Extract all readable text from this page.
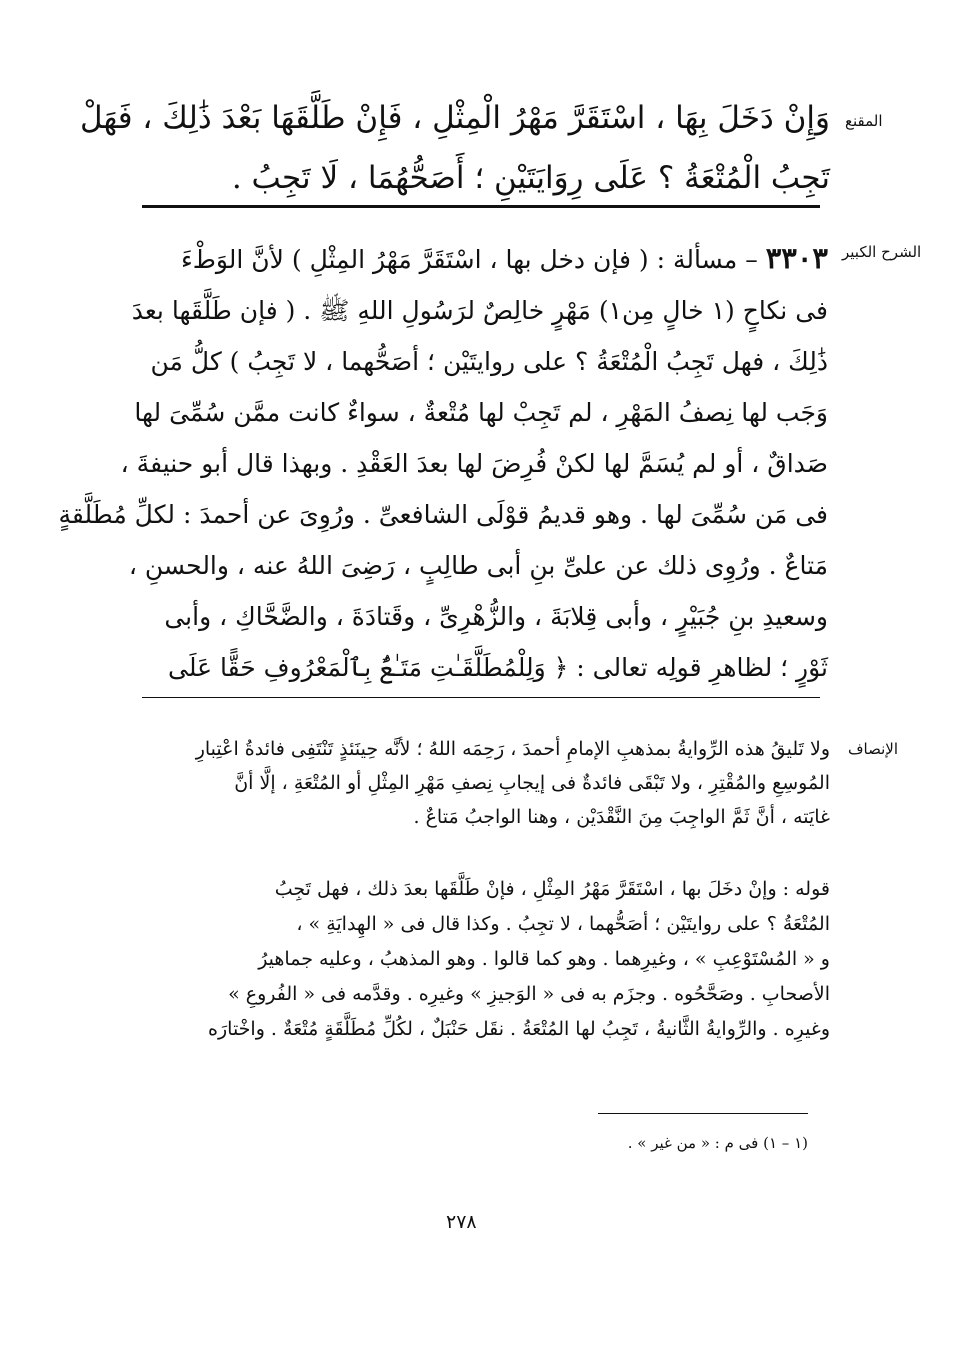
المقنع
وَإِنْ دَخَلَ بِهَا ، اسْتَقَرَّ مَهْرُ الْمِثْلِ ، فَإِنْ طَلَّقَهَا بَعْدَ ذَٰلِكَ ، فَهَلْ
تَجِبُ الْمُتْعَةُ ؟ عَلَى رِوَايَتَيْنِ ؛ أَصَحُّهُمَا ، لَا تَجِبُ .
الشرح الكبير
٣٣٠٣ – مسألة : ( فإن دخل بها ، اسْتَقَرَّ مَهْرُ المِثْلِ ) لأنَّ الوَطْءَ
فى نكاحٍ (١ خالٍ مِن١) مَهْرٍ خالِصٌ لرَسُولِ اللهِ ﷺ . ( فإن طَلَّقَها بعدَ
ذَٰلِكَ ، فهل تَجِبُ الْمُتْعَةُ ؟ على روايتَيْن ؛ أصَحُّهما ، لا تَجِبُ ) كلُّ مَن
وَجَب لها نِصفُ المَهْرِ ، لم تَجِبْ لها مُتْعةٌ ، سواءٌ كانت ممَّن سُمِّىَ لها
صَداقٌ ، أو لم يُسَمَّ لها لكنْ فُرِضَ لها بعدَ العَقْدِ . وبهذا قال أبو حنيفةَ ،
فى مَن سُمِّىَ لها . وهو قديمُ قوْلَى الشافعىِّ . ورُوِىَ عن أحمدَ : لكلِّ مُطَلَّقةٍ
مَتاعٌ . ورُوِى ذلك عن علىِّ بنِ أبى طالِبٍ ، رَضِىَ اللهُ عنه ، والحسنِ ،
وسعيدِ بنِ جُبَيْرٍ ، وأبى قِلابَةَ ، والزُّهْرِىِّ ، وقَتادَةَ ، والضَّحَّاكِ ، وأبى
ثَوْرٍ ؛ لظاهرِ قولِه تعالى : ﴿ وَلِلْمُطَلَّقَـٰتِ مَتَـٰعٌۢ بِٱلْمَعْرُوفِ حَقًّا عَلَى
الإنصاف
ولا تَليقُ هذه الرِّوايةُ بمذهبِ الإمامِ أحمدَ ، رَحِمَه اللهُ ؛ لأنَّه حِينَئذٍ تَنْتَفِى فائدةُ اعْتِبارِ
المُوسِعِ والمُقْتِرِ ، ولا تَبْقَى فائدةٌ فى إيجابِ نِصفِ مَهْرِ المِثْلِ أو المُتْعَةِ ، إلَّا أنَّ
غايَته ، أنَّ ثَمَّ الواجِبَ مِنَ النَّقْدَيْن ، وهنا الواجبُ مَتاعٌ .
قوله : وإنْ دخَلَ بها ، اسْتَقَرَّ مَهْرُ المِثْلِ ، فإنْ طَلَّقَها بعدَ ذلك ، فهل تَجِبُ
المُتْعَةُ ؟ على روايتَيْن ؛ أصَحُّهما ، لا تجِبُ . وكذا قال فى « الهِدايَةِ » ،
و « المُسْتَوْعِبِ » ، وغيرِهما . وهو كما قالوا . وهو المذهبُ ، وعليه جماهيرُ
الأصحابِ . وصَحَّحُوه . وجزَم به فى « الوَجيزِ » وغيرِه . وقدَّمه فى « الفُروعِ »
وغيرِه . والرِّوايةُ الثَّانيةُ ، تَجِبُ لها المُتْعَةُ . نقَل حَنْبَلٌ ، لكُلِّ مُطَلَّقَةٍ مُتْعَةٌ . واخْتارَه
(١ – ١) فى م : « من غير » .
٢٧٨
